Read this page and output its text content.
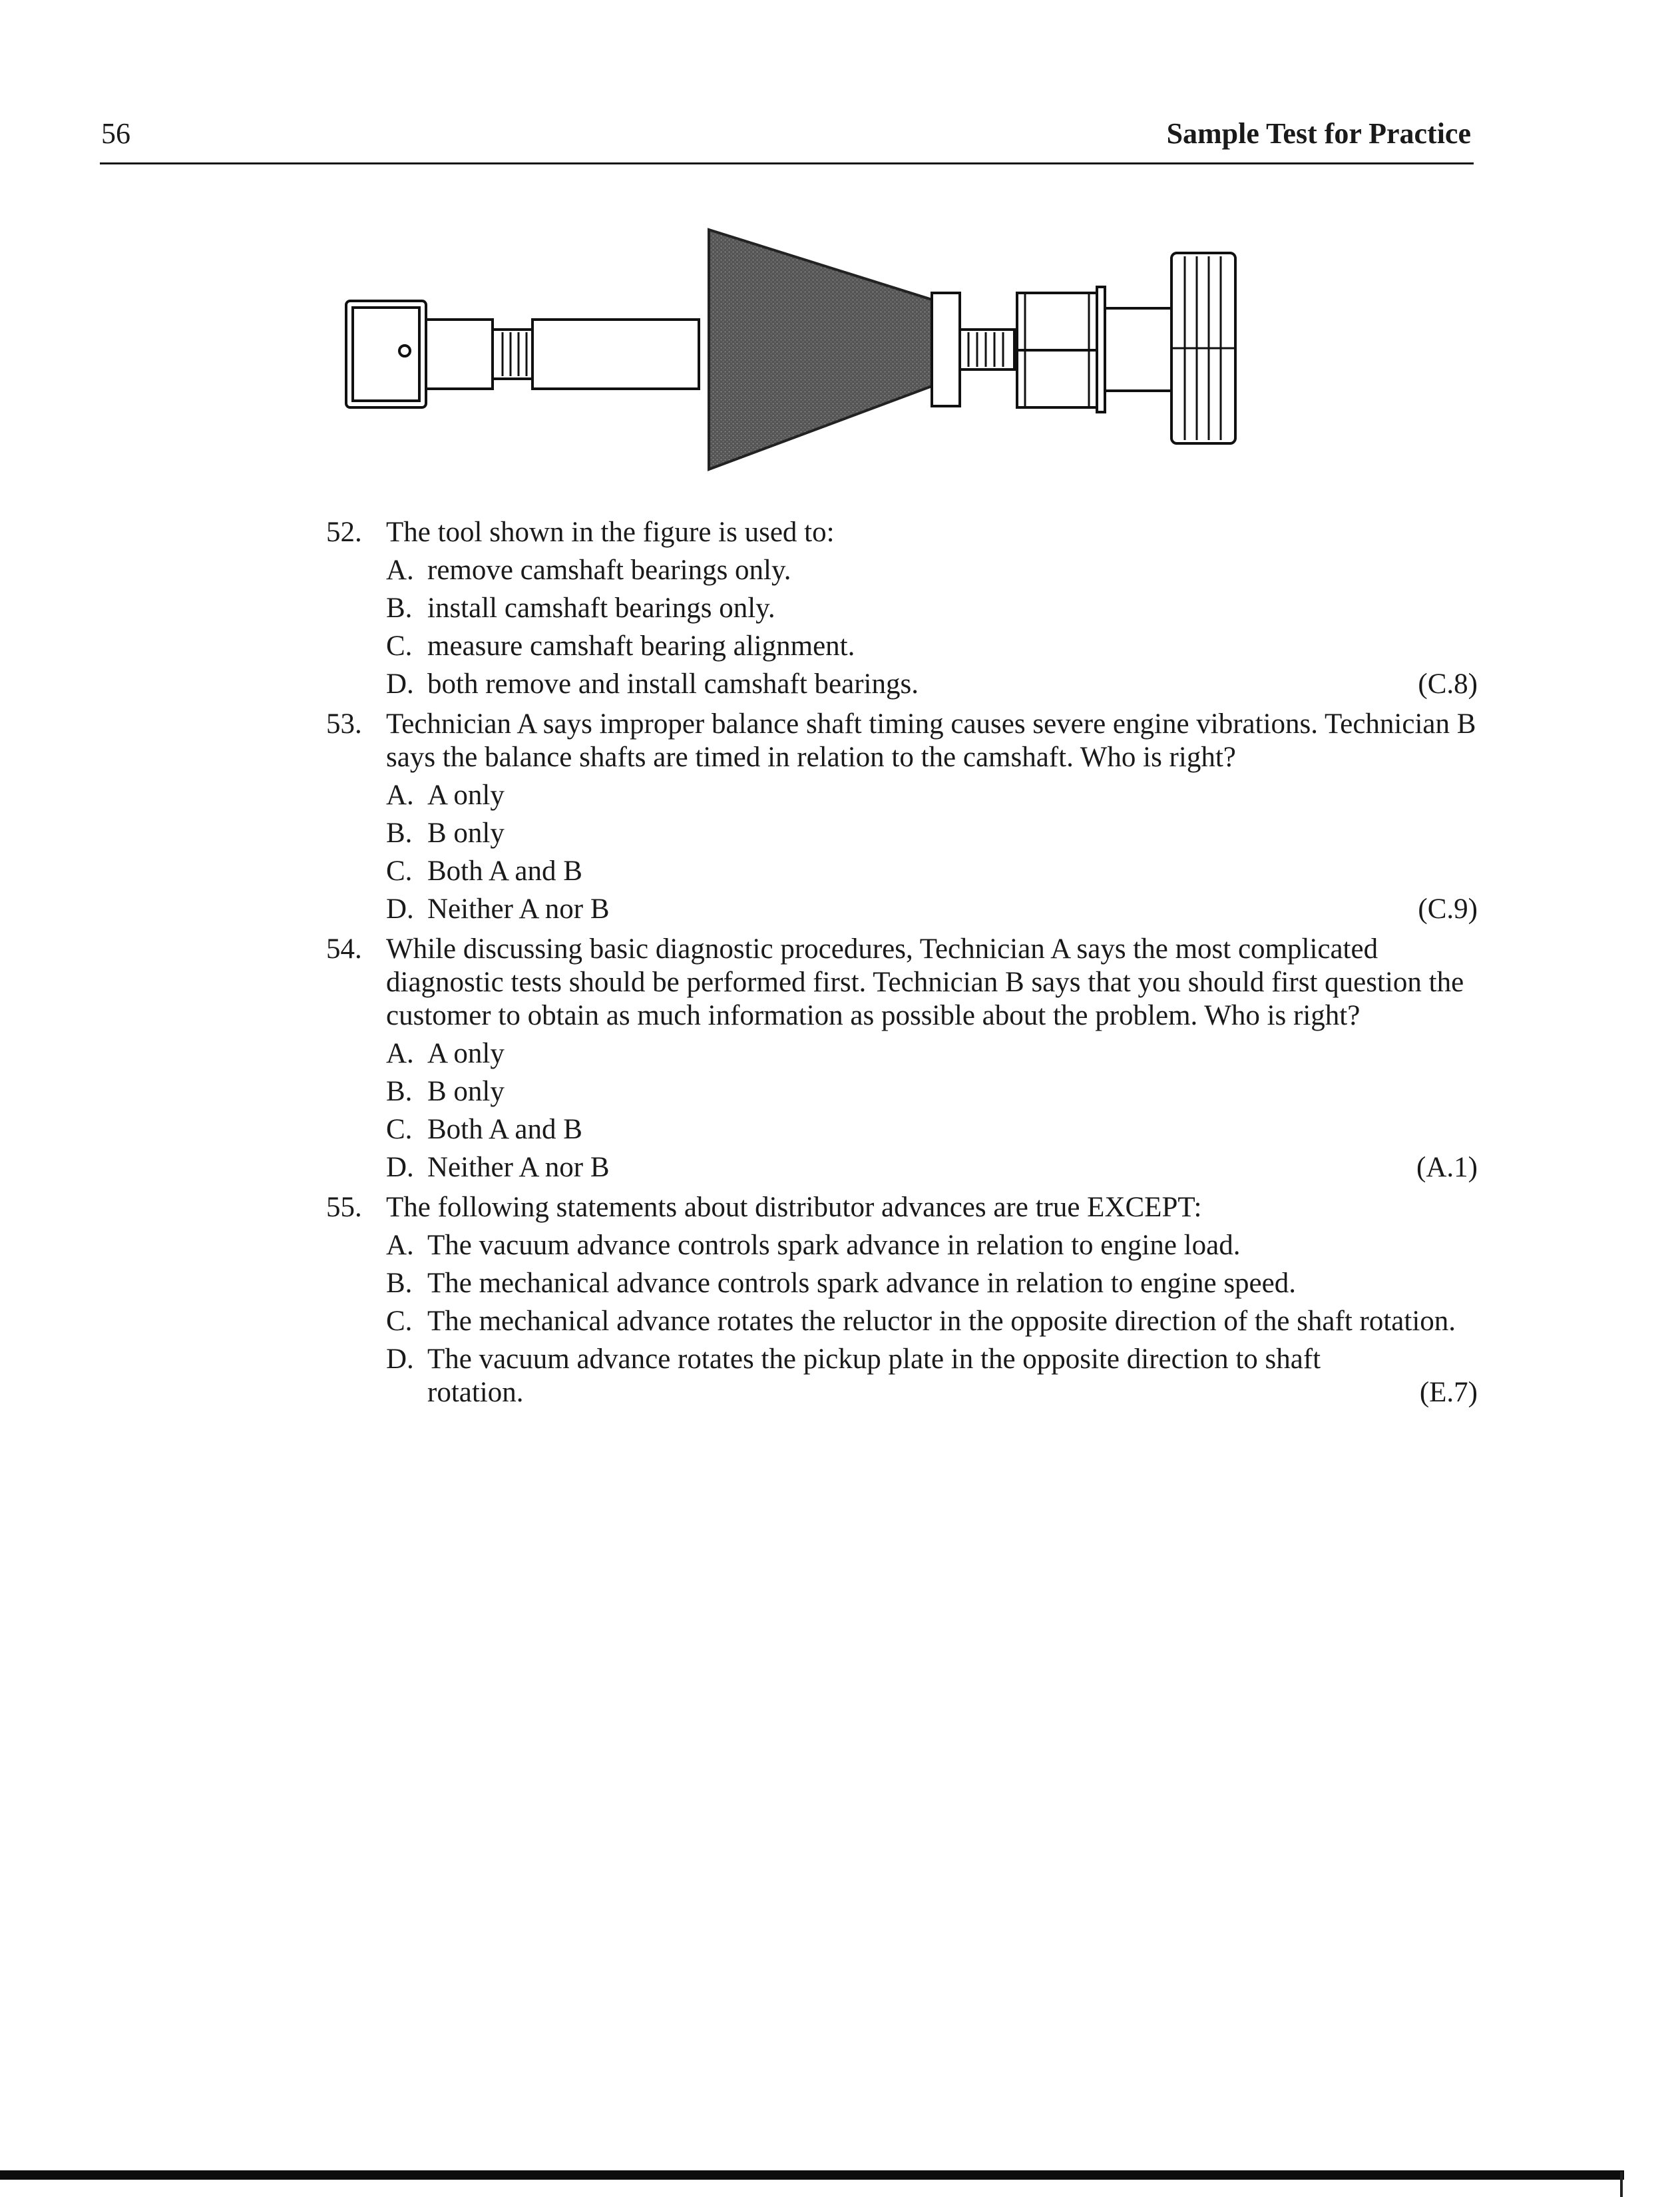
56	Sample Test for Practice
52. The tool shown in the figure is used to:
A. remove camshaft bearings only.
B. install camshaft bearings only.
C. measure camshaft bearing alignment.
D. both remove and install camshaft bearings.	(C.8)
53. Technician A says improper balance shaft timing causes severe engine vibrations. Technician B says the balance shafts are timed in relation to the camshaft. Who is right?
A. A only
B. B only
C. Both A and B
D. Neither A nor B	(C.9)
54. While discussing basic diagnostic procedures, Technician A says the most complicated diagnostic tests should be performed first. Technician B says that you should first question the customer to obtain as much information as possible about the problem. Who is right?
A. A only
B. B only
C. Both A and B
D. Neither A nor B	(A.1)
55. The following statements about distributor advances are true EXCEPT:
A. The vacuum advance controls spark advance in relation to engine load.
B. The mechanical advance controls spark advance in relation to engine speed.
C. The mechanical advance rotates the reluctor in the opposite direction of the shaft rotation.
D. The vacuum advance rotates the pickup plate in the opposite direction to shaft rotation.	(E.7)
